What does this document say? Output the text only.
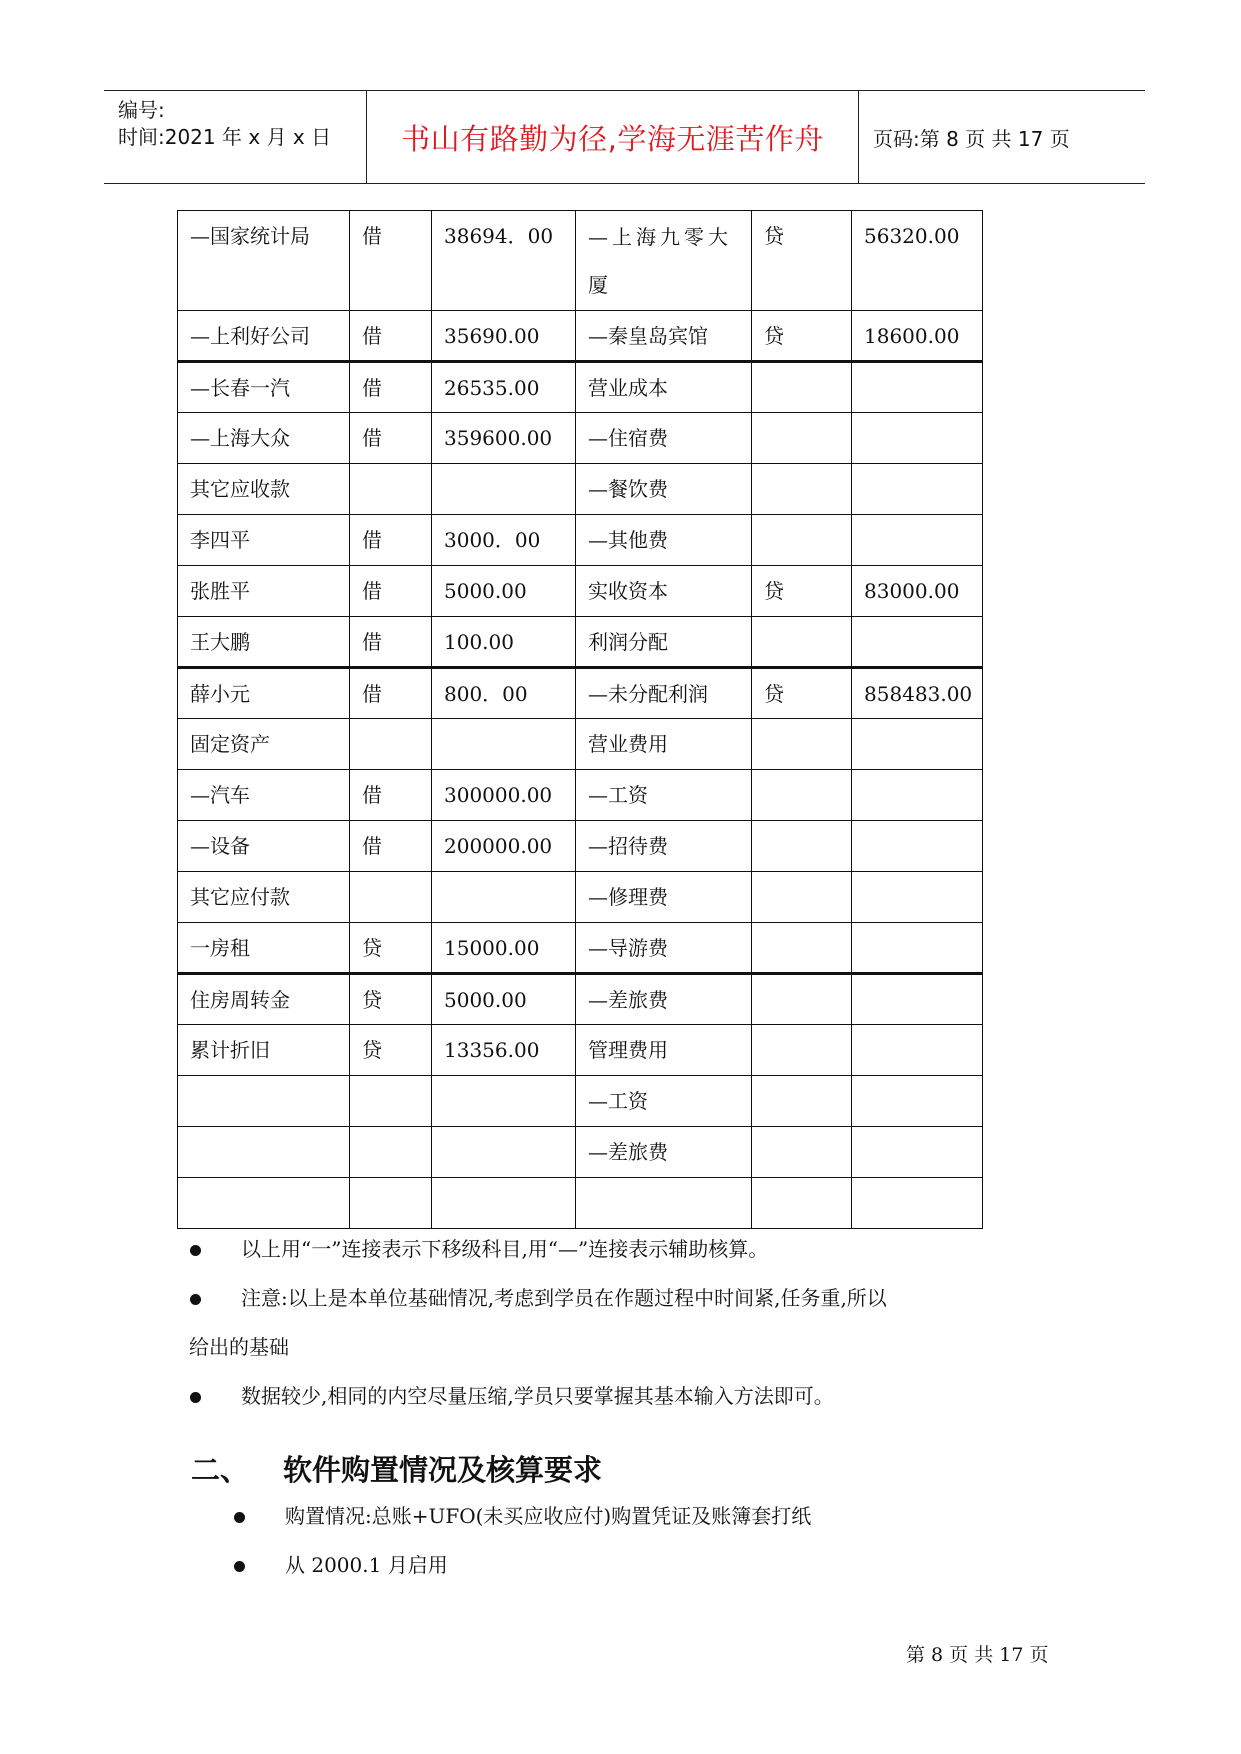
编号:
时间:2021 年 x 月 x 日 书山有路勤为径,学海无涯苦作舟	页码:第 8 页 共 17 页
—国家统计局	借	38694．00	—上海九零大厦	贷	56320.00
—上利好公司	借	35690.00	—秦皇岛宾馆	贷	18600.00
—长春一汽	借	26535.00	营业成本		
—上海大众	借	359600.00	—住宿费		
其它应收款			—餐饮费		
李四平	借	3000．00	—其他费		
张胜平	借	5000.00	实收资本	贷	83000.00
王大鹏	借	100.00	利润分配		
薛小元	借	800．00	—未分配利润	贷	858483.00
固定资产			营业费用		
—汽车	借	300000.00	—工资		
—设备	借	200000.00	—招待费		
其它应付款			—修理费		
一房租	贷	15000.00	—导游费		
住房周转金	贷	5000.00	—差旅费		
累计折旧	贷	13356.00	管理费用		
			—工资		
			—差旅费		

以上用“一”连接表示下移级科目,用“—”连接表示辅助核算。
注意:以上是本单位基础情况,考虑到学员在作题过程中时间紧,任务重,所以
给出的基础
数据较少,相同的内空尽量压缩,学员只要掌握其基本输入方法即可。
二、 软件购置情况及核算要求
购置情况:总账+UFO(未买应收应付)购置凭证及账簿套打纸
从 2000.1 月启用
第 8 页 共 17 页
